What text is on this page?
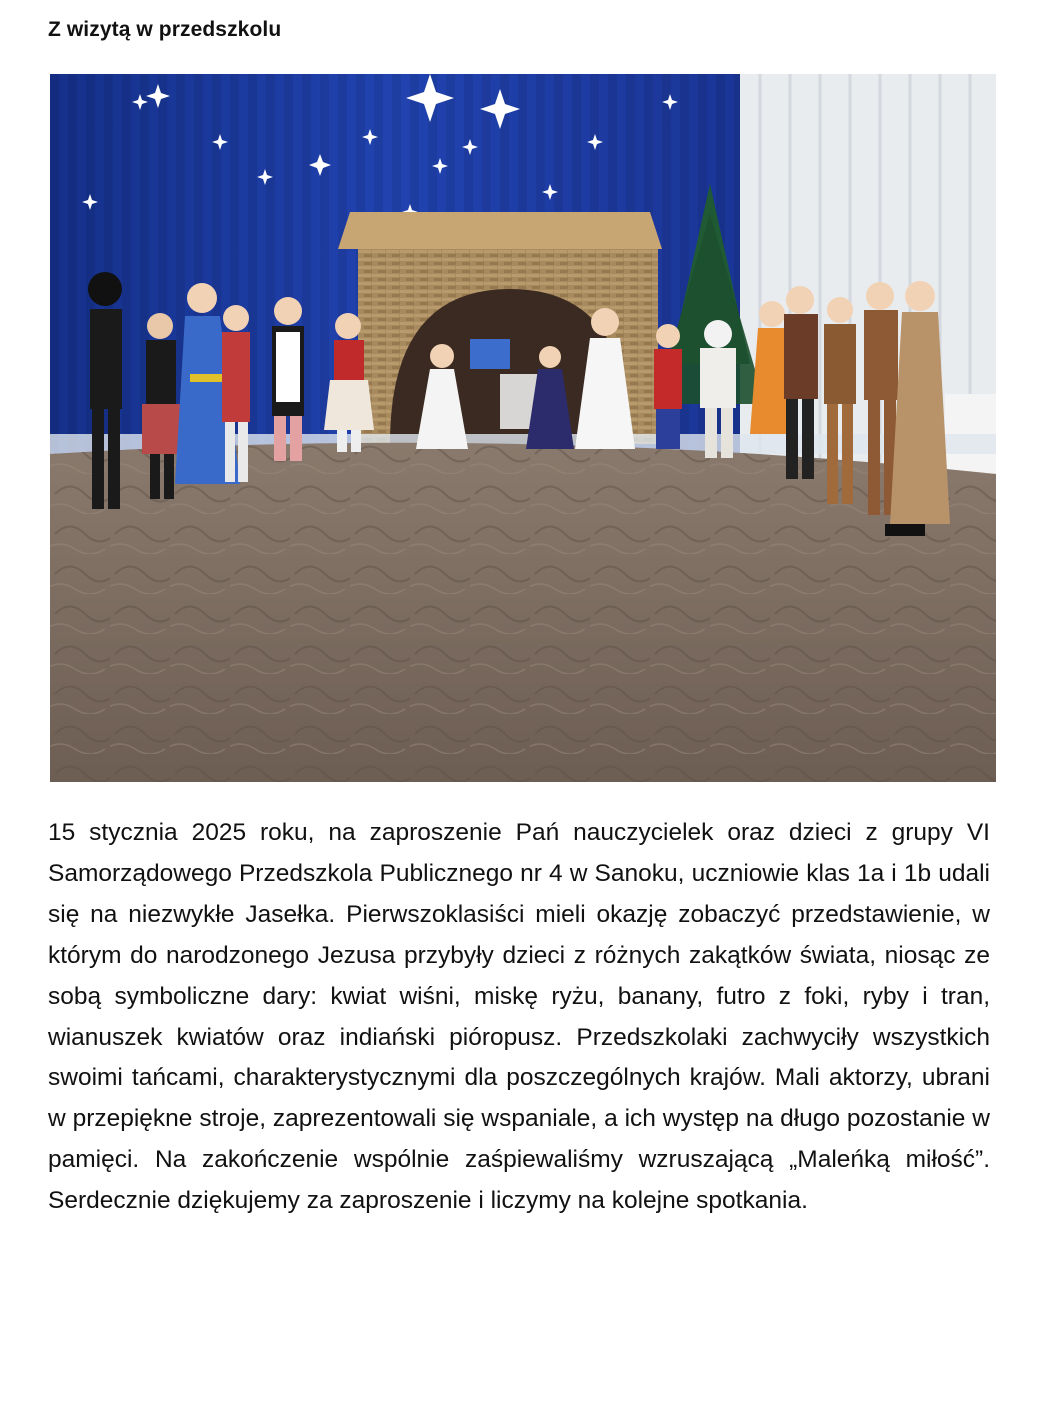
Z wizytą w przedszkolu

15 stycznia 2025 roku, na zaproszenie Pań nauczycielek oraz dzieci z grupy VI Samorządowego Przedszkola Publicznego nr 4 w Sanoku, uczniowie klas 1a i 1b udali się na niezwykłe Jasełka. Pierwszoklasiści mieli okazję zobaczyć przedstawienie, w którym do narodzonego Jezusa przybyły dzieci z różnych zakątków świata, niosąc ze sobą symboliczne dary: kwiat wiśni, miskę ryżu, banany, futro z foki, ryby i tran, wianuszek kwiatów oraz indiański pióropusz. Przedszkolaki zachwyciły wszystkich swoimi tańcami, charakterystycznymi dla poszczególnych krajów. Mali aktorzy, ubrani w przepiękne stroje, zaprezentowali się wspaniale, a ich występ na długo pozostanie w pamięci. Na zakończenie wspólnie zaśpiewaliśmy wzruszającą „Maleńką miłość”. Serdecznie dziękujemy za zaproszenie i liczymy na kolejne spotkania.
